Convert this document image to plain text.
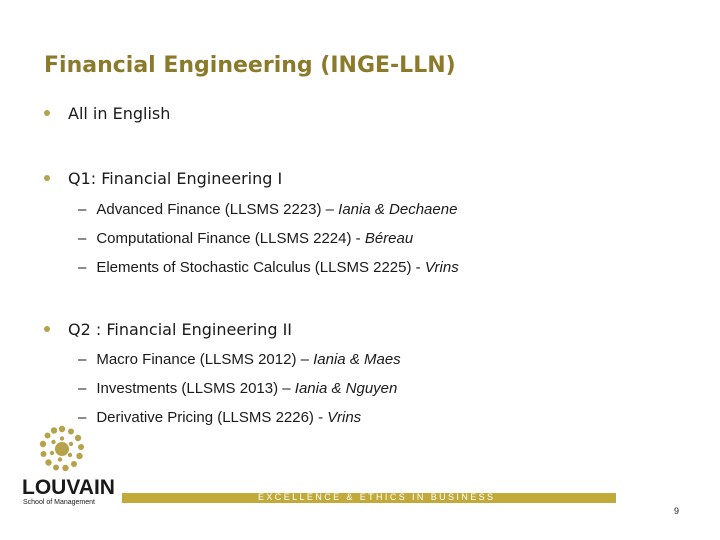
Financial Engineering (INGE-LLN)
All in English
Q1: Financial Engineering I
– Advanced Finance (LLSMS 2223) – Iania & Dechaene
– Computational Finance (LLSMS 2224) - Béreau
– Elements of Stochastic Calculus (LLSMS 2225) - Vrins
Q2 : Financial Engineering II
– Macro Finance (LLSMS 2012) – Iania & Maes
– Investments (LLSMS 2013) – Iania & Nguyen
– Derivative Pricing (LLSMS 2226) - Vrins
LOUVAIN
School of Management
EXCELLENCE & ETHICS IN BUSINESS
9
